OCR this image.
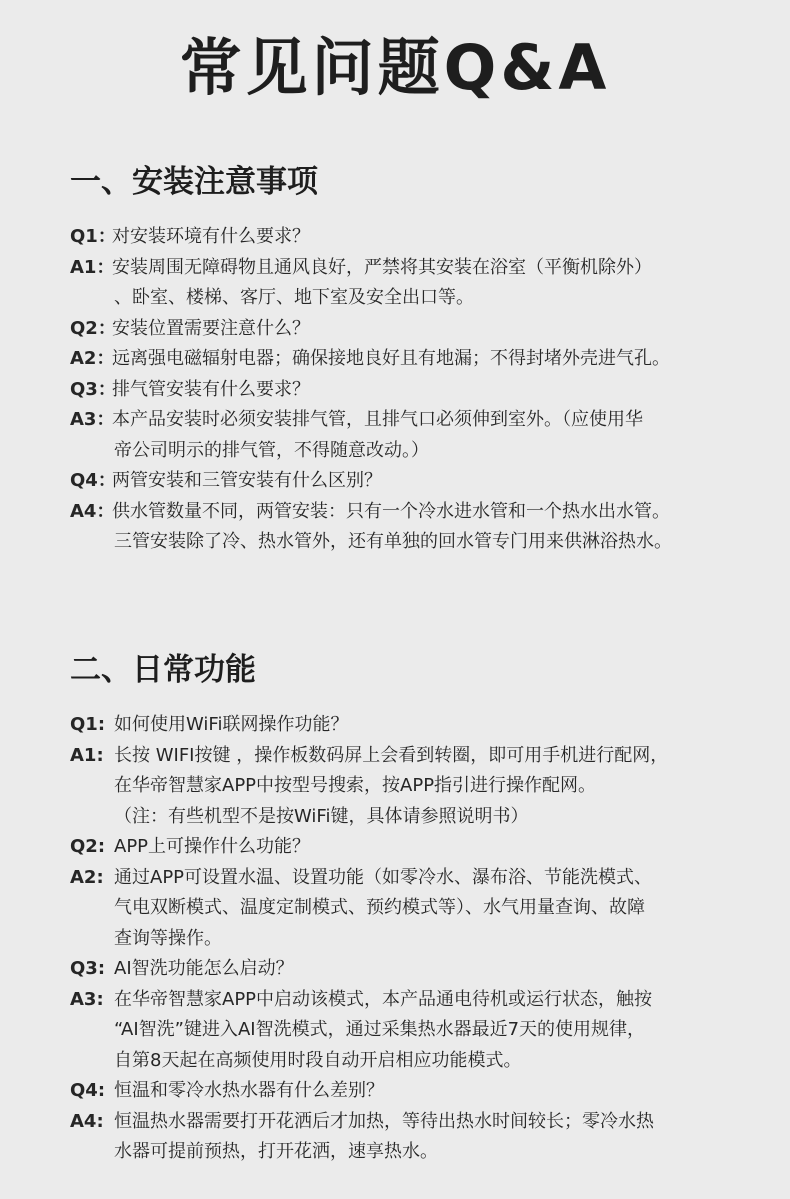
常见问题Q&A
一、安装注意事项
Q1：
对安装环境有什么要求？
A1：
安装周围无障碍物且通风良好，严禁将其安装在浴室（平衡机除外）
、卧室、楼梯、客厅、地下室及安全出口等。
Q2：
安装位置需要注意什么？
A2：
远离强电磁辐射电器；确保接地良好且有地漏；不得封堵外壳进气孔。
Q3：
排气管安装有什么要求？
A3：
本产品安装时必须安装排气管，且排气口必须伸到室外。（应使用华
帝公司明示的排气管，不得随意改动。）
Q4：
两管安装和三管安装有什么区别？
A4：
供水管数量不同，两管安装：只有一个冷水进水管和一个热水出水管。
三管安装除了冷、热水管外，还有单独的回水管专门用来供淋浴热水。
二、日常功能
Q1: 如何使用WiFi联网操作功能？
A1: 长按 WIFI按键 ，操作板数码屏上会看到转圈，即可用手机进行配网，
在华帝智慧家APP中按型号搜索，按APP指引进行操作配网。
（注：有些机型不是按WiFi键，具体请参照说明书）
Q2: APP上可操作什么功能？
A2: 通过APP可设置水温、设置功能（如零冷水、瀑布浴、节能洗模式、
气电双断模式、温度定制模式、预约模式等）、水气用量查询、故障
查询等操作。
Q3: AI智洗功能怎么启动？
A3: 在华帝智慧家APP中启动该模式，本产品通电待机或运行状态，触按
“AI智洗”键进入AI智洗模式，通过采集热水器最近7天的使用规律，
自第8天起在高频使用时段自动开启相应功能模式。
Q4: 恒温和零冷水热水器有什么差别？
A4: 恒温热水器需要打开花洒后才加热，等待出热水时间较长；零冷水热
水器可提前预热，打开花洒，速享热水。
